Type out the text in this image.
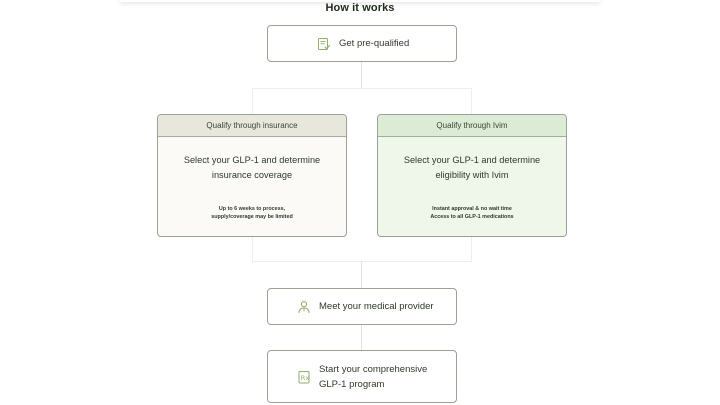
How it works
Get pre-qualified
Qualify through insurance
Select your GLP-1 and determine
insurance coverage
Up to 6 weeks to process,
supply/coverage may be limited
Qualify through Ivim
Select your GLP-1 and determine
eligibility with Ivim
Instant approval & no wait time
Access to all GLP-1 medications
Meet your medical provider
Rx
Start your comprehensive
GLP-1 program
